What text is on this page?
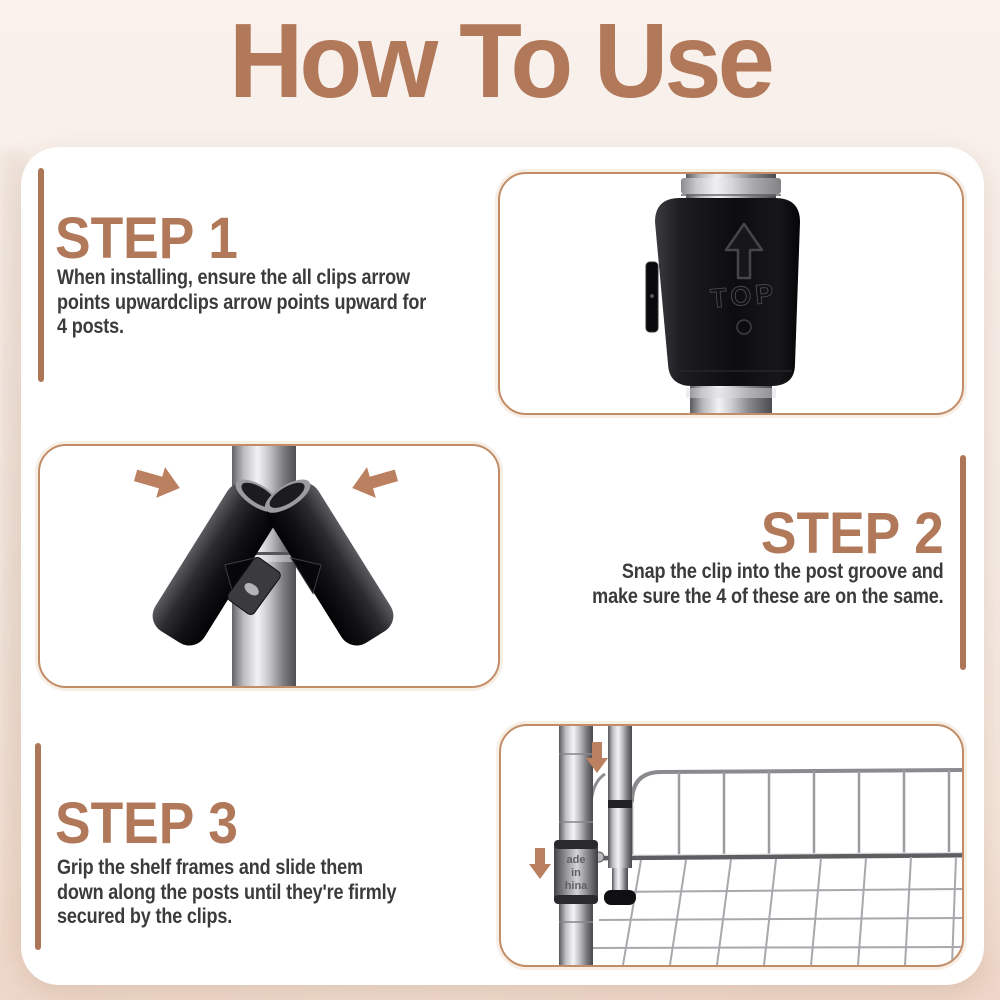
How To Use
STEP 1
When installing, ensure the all clips arrow
points upwardclips arrow points upward for
4 posts.
TOP
STEP 2
Snap the clip into the post groove and
make sure the 4 of these are on the same.
STEP 3
Grip the shelf frames and slide them
down along the posts until they're firmly
secured by the clips.
ade
in
hina
